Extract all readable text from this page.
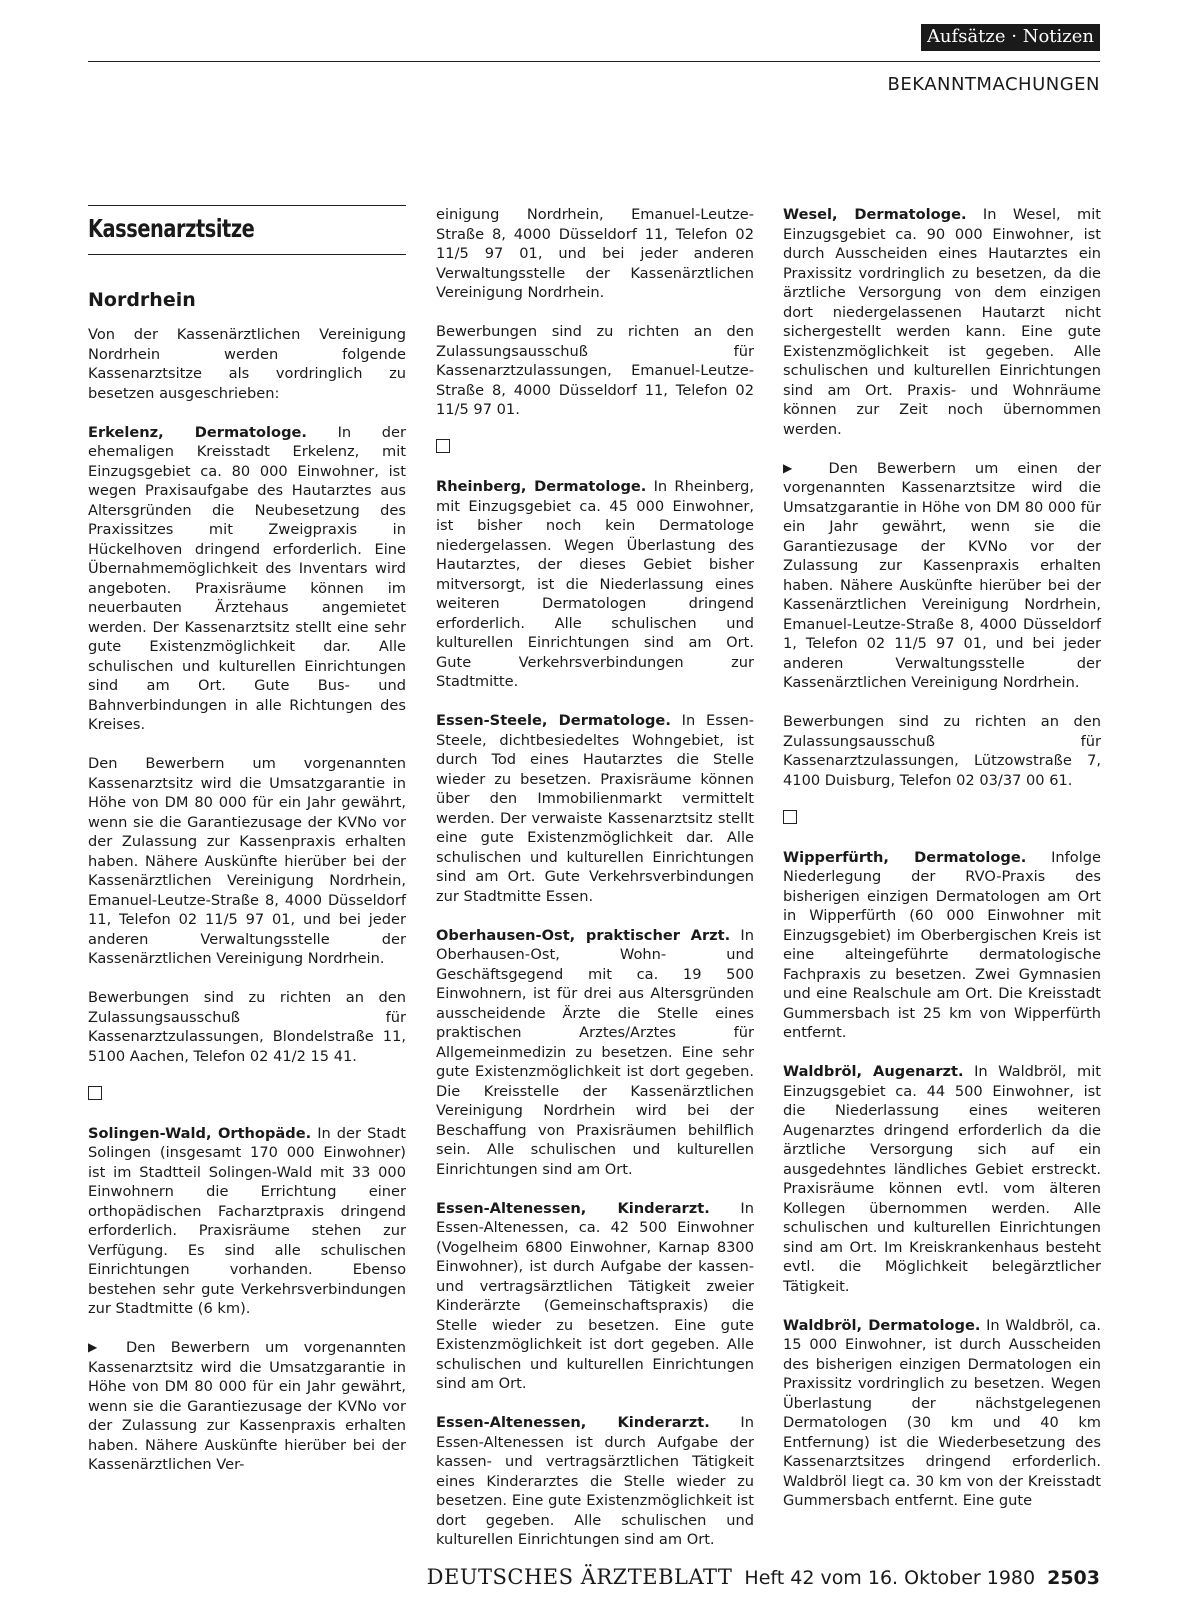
Aufsätze · Notizen
BEKANNTMACHUNGEN
Kassenarztsitze
Nordrhein
Von der Kassenärztlichen Vereinigung Nordrhein werden folgende Kassenarztsitze als vordringlich zu besetzen ausgeschrieben:
Erkelenz, Dermatologe. In der ehemaligen Kreisstadt Erkelenz, mit Einzugsgebiet ca. 80 000 Einwohner, ist wegen Praxisaufgabe des Hautarztes aus Altersgründen die Neubesetzung des Praxissitzes mit Zweigpraxis in Hückelhoven dringend erforderlich. Eine Übernahmemöglichkeit des Inventars wird angeboten. Praxisräume können im neuerbauten Ärztehaus angemietet werden. Der Kassenarztsitz stellt eine sehr gute Existenzmöglichkeit dar. Alle schulischen und kulturellen Einrichtungen sind am Ort. Gute Bus- und Bahnverbindungen in alle Richtungen des Kreises.
Den Bewerbern um vorgenannten Kassenarztsitz wird die Umsatzgarantie in Höhe von DM 80 000 für ein Jahr gewährt, wenn sie die Garantiezusage der KVNo vor der Zulassung zur Kassenpraxis erhalten haben. Nähere Auskünfte hierüber bei der Kassenärztlichen Vereinigung Nordrhein, Emanuel-Leutze-Straße 8, 4000 Düsseldorf 11, Telefon 02 11/5 97 01, und bei jeder anderen Verwaltungsstelle der Kassenärztlichen Vereinigung Nordrhein.
Bewerbungen sind zu richten an den Zulassungsausschuß für Kassenarztzulassungen, Blondelstraße 11, 5100 Aachen, Telefon 02 41/2 15 41.
Solingen-Wald, Orthopäde. In der Stadt Solingen (insgesamt 170 000 Einwohner) ist im Stadtteil Solingen-Wald mit 33 000 Einwohnern die Errichtung einer orthopädischen Facharztpraxis dringend erforderlich. Praxisräume stehen zur Verfügung. Es sind alle schulischen Einrichtungen vorhanden. Ebenso bestehen sehr gute Verkehrsverbindungen zur Stadtmitte (6 km).
▶ Den Bewerbern um vorgenannten Kassenarztsitz wird die Umsatzgarantie in Höhe von DM 80 000 für ein Jahr gewährt, wenn sie die Garantiezusage der KVNo vor der Zulassung zur Kassenpraxis erhalten haben. Nähere Auskünfte hierüber bei der Kassenärztlichen Ver-
einigung Nordrhein, Emanuel-Leutze-Straße 8, 4000 Düsseldorf 11, Telefon 02 11/5 97 01, und bei jeder anderen Verwaltungsstelle der Kassenärztlichen Vereinigung Nordrhein.
Bewerbungen sind zu richten an den Zulassungsausschuß für Kassenarztzulassungen, Emanuel-Leutze-Straße 8, 4000 Düsseldorf 11, Telefon 02 11/5 97 01.
Rheinberg, Dermatologe. In Rheinberg, mit Einzugsgebiet ca. 45 000 Einwohner, ist bisher noch kein Dermatologe niedergelassen. Wegen Überlastung des Hautarztes, der dieses Gebiet bisher mitversorgt, ist die Niederlassung eines weiteren Dermatologen dringend erforderlich. Alle schulischen und kulturellen Einrichtungen sind am Ort. Gute Verkehrsverbindungen zur Stadtmitte.
Essen-Steele, Dermatologe. In Essen-Steele, dichtbesiedeltes Wohngebiet, ist durch Tod eines Hautarztes die Stelle wieder zu besetzen. Praxisräume können über den Immobilienmarkt vermittelt werden. Der verwaiste Kassenarztsitz stellt eine gute Existenzmöglichkeit dar. Alle schulischen und kulturellen Einrichtungen sind am Ort. Gute Verkehrsverbindungen zur Stadtmitte Essen.
Oberhausen-Ost, praktischer Arzt. In Oberhausen-Ost, Wohn- und Geschäftsgegend mit ca. 19 500 Einwohnern, ist für drei aus Altersgründen ausscheidende Ärzte die Stelle eines praktischen Arztes/Arztes für Allgemeinmedizin zu besetzen. Eine sehr gute Existenzmöglichkeit ist dort gegeben. Die Kreisstelle der Kassenärztlichen Vereinigung Nordrhein wird bei der Beschaffung von Praxisräumen behilflich sein. Alle schulischen und kulturellen Einrichtungen sind am Ort.
Essen-Altenessen, Kinderarzt. In Essen-Altenessen, ca. 42 500 Einwohner (Vogelheim 6800 Einwohner, Karnap 8300 Einwohner), ist durch Aufgabe der kassen- und vertragsärztlichen Tätigkeit zweier Kinderärzte (Gemeinschaftspraxis) die Stelle wieder zu besetzen. Eine gute Existenzmöglichkeit ist dort gegeben. Alle schulischen und kulturellen Einrichtungen sind am Ort.
Essen-Altenessen, Kinderarzt. In Essen-Altenessen ist durch Aufgabe der kassen- und vertragsärztlichen Tätigkeit eines Kinderarztes die Stelle wieder zu besetzen. Eine gute Existenzmöglichkeit ist dort gegeben. Alle schulischen und kulturellen Einrichtungen sind am Ort.
Wesel, Dermatologe. In Wesel, mit Einzugsgebiet ca. 90 000 Einwohner, ist durch Ausscheiden eines Hautarztes ein Praxissitz vordringlich zu besetzen, da die ärztliche Versorgung von dem einzigen dort niedergelassenen Hautarzt nicht sichergestellt werden kann. Eine gute Existenzmöglichkeit ist gegeben. Alle schulischen und kulturellen Einrichtungen sind am Ort. Praxis- und Wohnräume können zur Zeit noch übernommen werden.
▶ Den Bewerbern um einen der vorgenannten Kassenarztsitze wird die Umsatzgarantie in Höhe von DM 80 000 für ein Jahr gewährt, wenn sie die Garantiezusage der KVNo vor der Zulassung zur Kassenpraxis erhalten haben. Nähere Auskünfte hierüber bei der Kassenärztlichen Vereinigung Nordrhein, Emanuel-Leutze-Straße 8, 4000 Düsseldorf 1, Telefon 02 11/5 97 01, und bei jeder anderen Verwaltungsstelle der Kassenärztlichen Vereinigung Nordrhein.
Bewerbungen sind zu richten an den Zulassungsausschuß für Kassenarztzulassungen, Lützowstraße 7, 4100 Duisburg, Telefon 02 03/37 00 61.
Wipperfürth, Dermatologe. Infolge Niederlegung der RVO-Praxis des bisherigen einzigen Dermatologen am Ort in Wipperfürth (60 000 Einwohner mit Einzugsgebiet) im Oberbergischen Kreis ist eine alteingeführte dermatologische Fachpraxis zu besetzen. Zwei Gymnasien und eine Realschule am Ort. Die Kreisstadt Gummersbach ist 25 km von Wipperfürth entfernt.
Waldbröl, Augenarzt. In Waldbröl, mit Einzugsgebiet ca. 44 500 Einwohner, ist die Niederlassung eines weiteren Augenarztes dringend erforderlich da die ärztliche Versorgung sich auf ein ausgedehntes ländliches Gebiet erstreckt. Praxisräume können evtl. vom älteren Kollegen übernommen werden. Alle schulischen und kulturellen Einrichtungen sind am Ort. Im Kreiskrankenhaus besteht evtl. die Möglichkeit belegärztlicher Tätigkeit.
Waldbröl, Dermatologe. In Waldbröl, ca. 15 000 Einwohner, ist durch Ausscheiden des bisherigen einzigen Dermatologen ein Praxissitz vordringlich zu besetzen. Wegen Überlastung der nächstgelegenen Dermatologen (30 km und 40 km Entfernung) ist die Wiederbesetzung des Kassenarztsitzes dringend erforderlich. Waldbröl liegt ca. 30 km von der Kreisstadt Gummersbach entfernt. Eine gute
DEUTSCHES ÄRZTEBLATT Heft 42 vom 16. Oktober 1980 2503
